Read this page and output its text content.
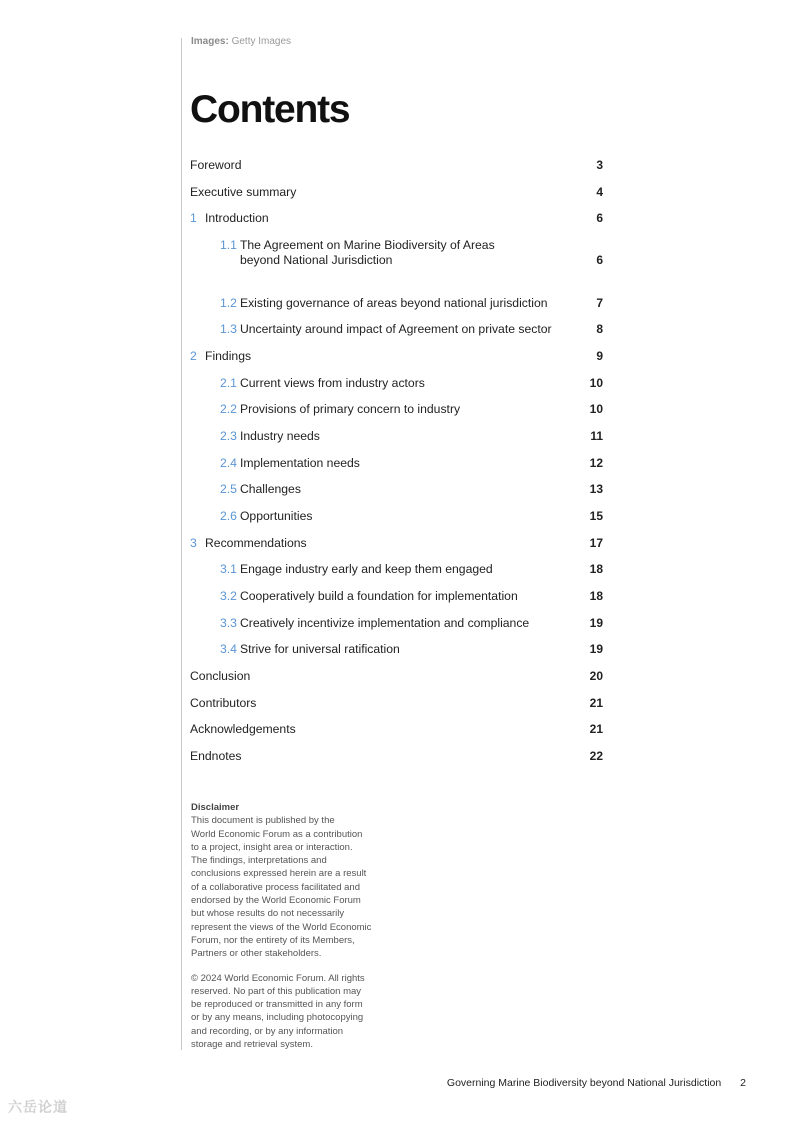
Images: Getty Images
Contents
Foreword	3
Executive summary	4
1 Introduction	6
1.1 The Agreement on Marine Biodiversity of Areas
beyond National Jurisdiction	6
1.2 Existing governance of areas beyond national jurisdiction	7
1.3 Uncertainty around impact of Agreement on private sector	8
2 Findings	9
2.1 Current views from industry actors	10
2.2 Provisions of primary concern to industry	10
2.3 Industry needs	11
2.4 Implementation needs	12
2.5 Challenges	13
2.6 Opportunities	15
3 Recommendations	17
3.1 Engage industry early and keep them engaged	18
3.2 Cooperatively build a foundation for implementation	18
3.3 Creatively incentivize implementation and compliance	19
3.4 Strive for universal ratification	19
Conclusion	20
Contributors	21
Acknowledgements	21
Endnotes	22
Disclaimer

This document is published by the

World Economic Forum as a contribution

to a project, insight area or interaction.

The findings, interpretations and

conclusions expressed herein are a result

of a collaborative process facilitated and

endorsed by the World Economic Forum

but whose results do not necessarily

represent the views of the World Economic

Forum, nor the entirety of its Members,

Partners or other stakeholders.

© 2024 World Economic Forum. All rights

reserved. No part of this publication may

be reproduced or transmitted in any form

or by any means, including photocopying

and recording, or by any information

storage and retrieval system.

Governing Marine Biodiversity beyond National Jurisdiction 2
六岳论道
